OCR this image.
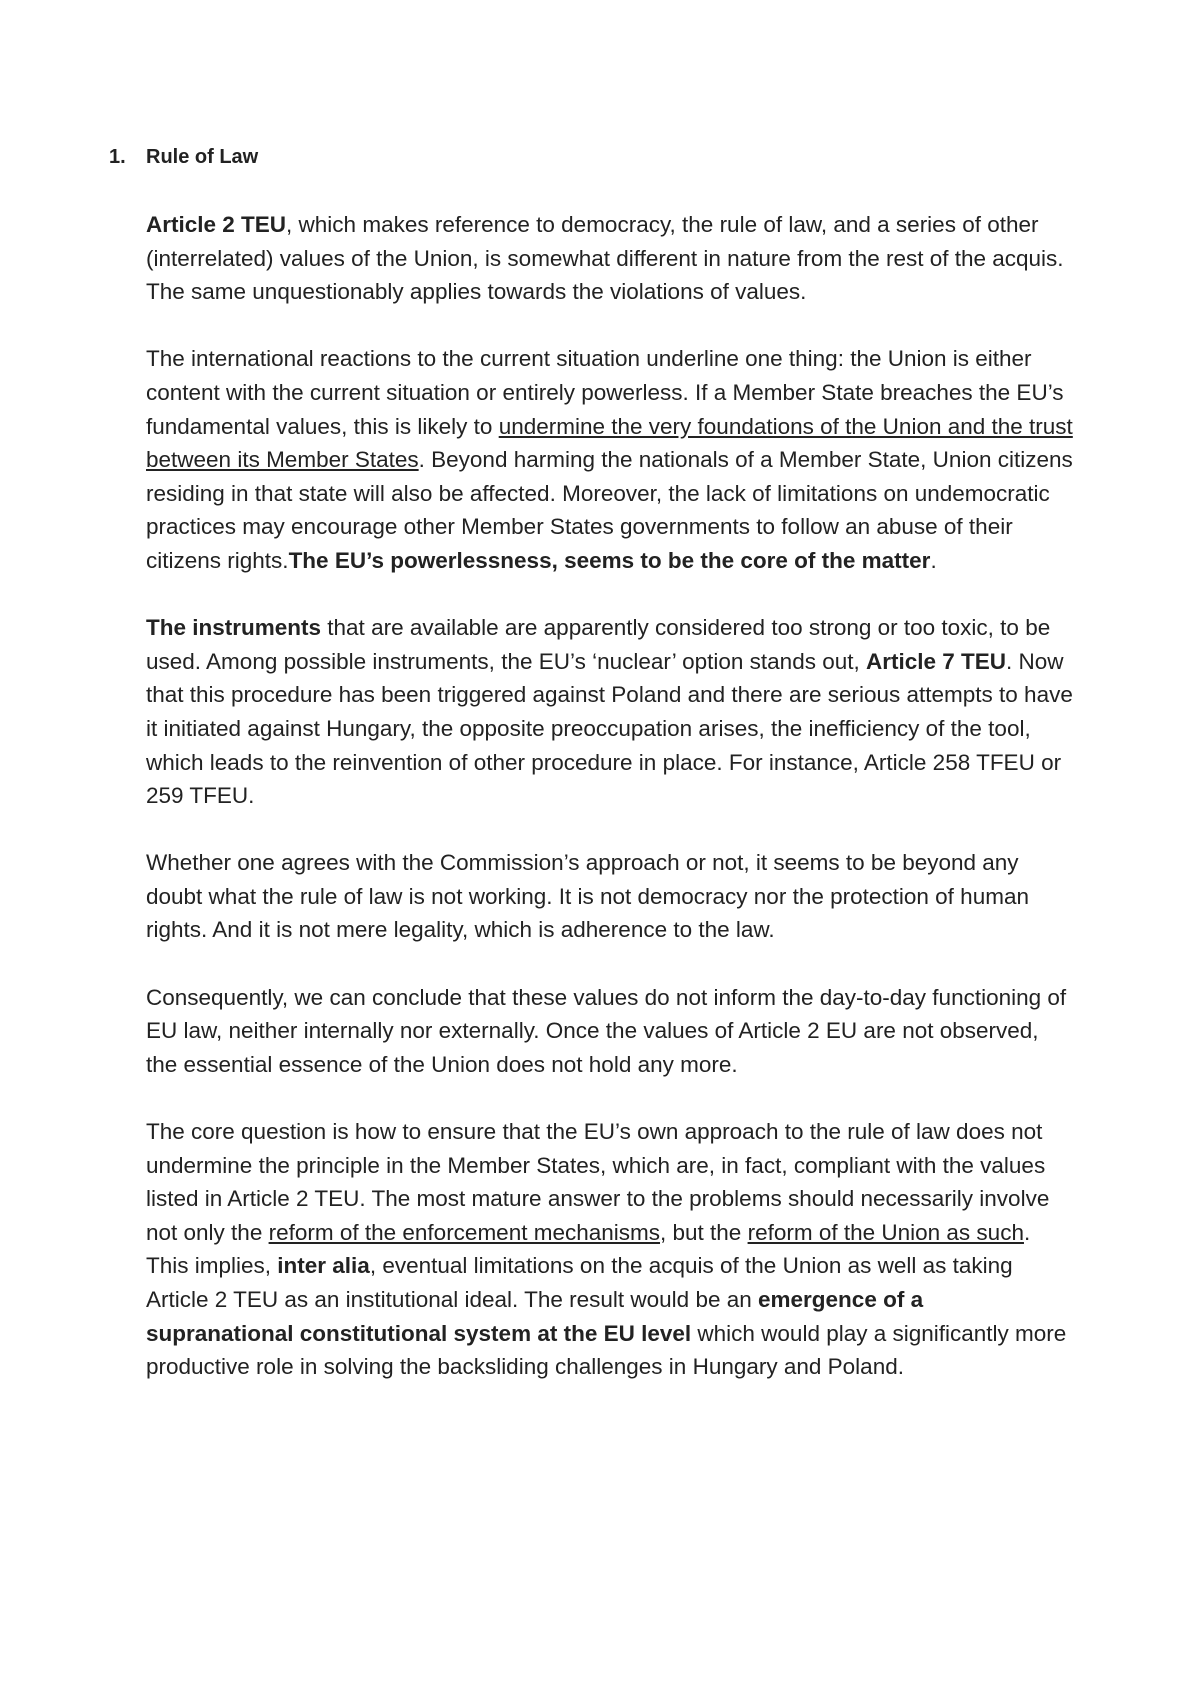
1. Rule of Law

Article 2 TEU, which makes reference to democracy, the rule of law, and a series of other (interrelated) values of the Union, is somewhat different in nature from the rest of the acquis. The same unquestionably applies towards the violations of values.

The international reactions to the current situation underline one thing: the Union is either content with the current situation or entirely powerless. If a Member State breaches the EU’s fundamental values, this is likely to undermine the very foundations of the Union and the trust between its Member States. Beyond harming the nationals of a Member State, Union citizens residing in that state will also be affected. Moreover, the lack of limitations on undemocratic practices may encourage other Member States governments to follow an abuse of their citizens rights.The EU’s powerlessness, seems to be the core of the matter.

The instruments that are available are apparently considered too strong or too toxic, to be used. Among possible instruments, the EU’s ‘nuclear’ option stands out, Article 7 TEU. Now that this procedure has been triggered against Poland and there are serious attempts to have it initiated against Hungary, the opposite preoccupation arises, the inefficiency of the tool, which leads to the reinvention of other procedure in place. For instance, Article 258 TFEU or 259 TFEU.

Whether one agrees with the Commission’s approach or not, it seems to be beyond any doubt what the rule of law is not working. It is not democracy nor the protection of human rights. And it is not mere legality, which is adherence to the law.

Consequently, we can conclude that these values do not inform the day-to-day functioning of EU law, neither internally nor externally. Once the values of Article 2 EU are not observed, the essential essence of the Union does not hold any more.

The core question is how to ensure that the EU’s own approach to the rule of law does not undermine the principle in the Member States, which are, in fact, compliant with the values listed in Article 2 TEU. The most mature answer to the problems should necessarily involve not only the reform of the enforcement mechanisms, but the reform of the Union as such. This implies, inter alia, eventual limitations on the acquis of the Union as well as taking Article 2 TEU as an institutional ideal. The result would be an emergence of a supranational constitutional system at the EU level which would play a significantly more productive role in solving the backsliding challenges in Hungary and Poland.
